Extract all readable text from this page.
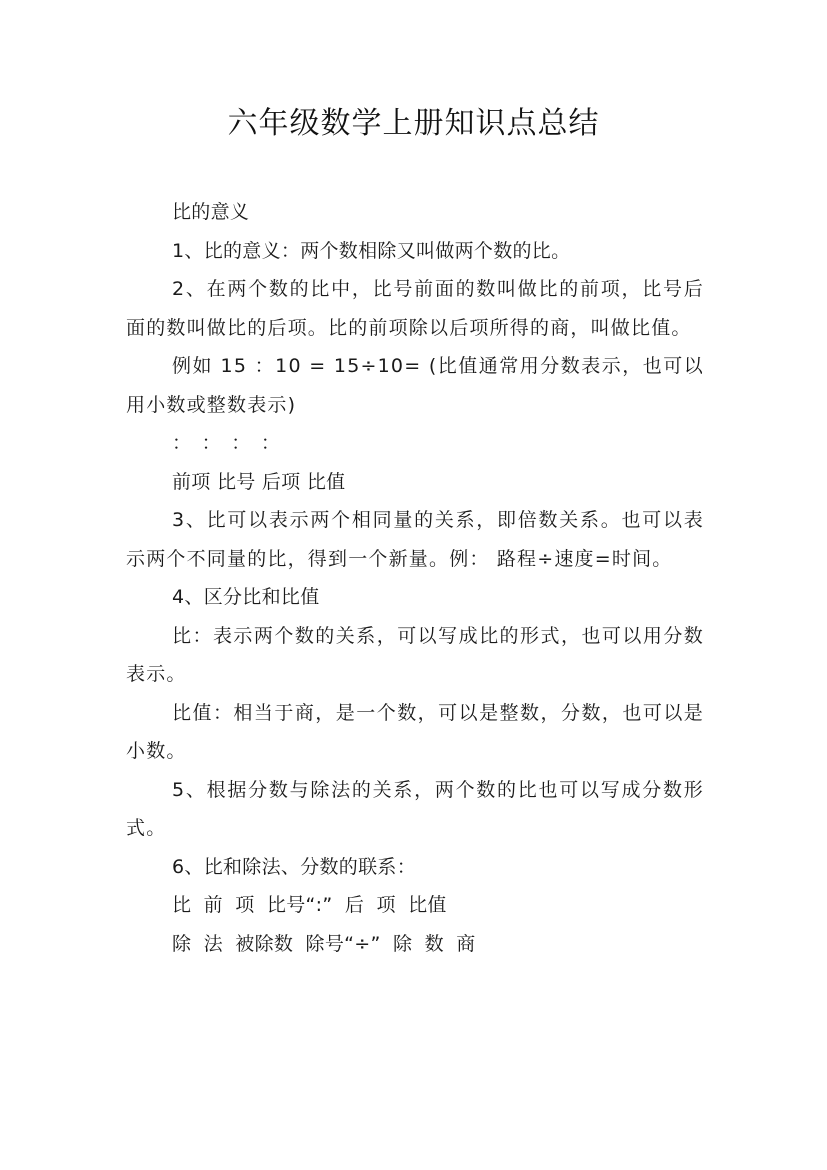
六年级数学上册知识点总结

比的意义

1、比的意义：两个数相除又叫做两个数的比。

2、在两个数的比中，比号前面的数叫做比的前项，比号后面的数叫做比的后项。比的前项除以后项所得的商，叫做比值。

例如 15 ：10 = 15÷10= (比值通常用分数表示，也可以用小数或整数表示)

： ： ： ：

前项 比号 后项 比值

3、比可以表示两个相同量的关系，即倍数关系。也可以表示两个不同量的比，得到一个新量。例： 路程÷速度=时间。

4、区分比和比值

比：表示两个数的关系，可以写成比的形式，也可以用分数表示。

比值：相当于商，是一个数，可以是整数，分数，也可以是小数。

5、根据分数与除法的关系，两个数的比也可以写成分数形式。

6、比和除法、分数的联系：

比 前 项 比号“:” 后 项 比值

除 法 被除数 除号“÷” 除 数 商
